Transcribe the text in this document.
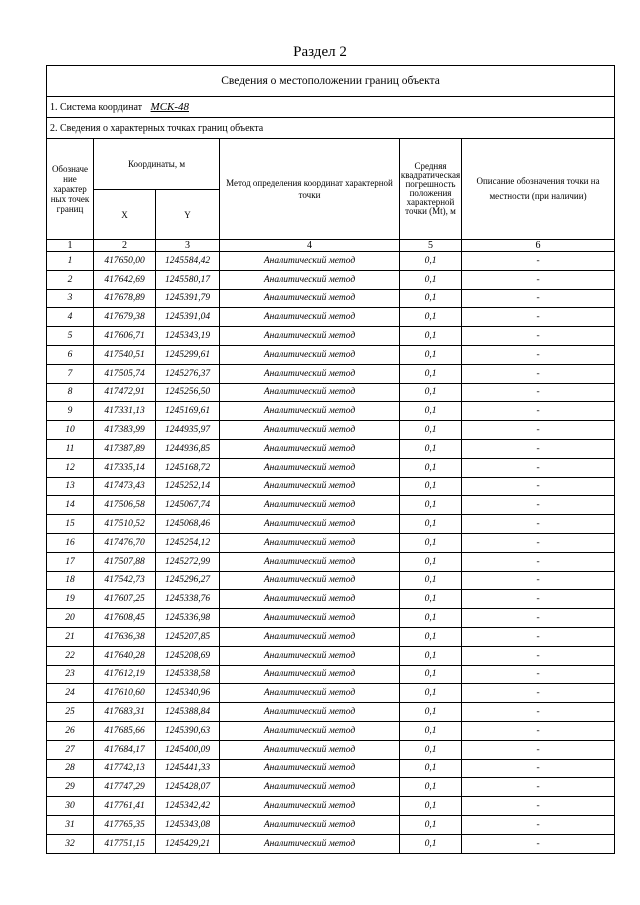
Раздел 2
Сведения о местоположении границ объекта					
1. Система координат МСК-48					
2. Сведения о характерных точках границ объекта					
Обозначе ние характер ных точек границ	Координаты, м		Метод определения координат характерной точки	Средняя квадратическая погрешность положения характерной точки (Mt), м	Описание обозначения точки на местности (при наличии)
	X	Y			
1	2	3	4	5	6
1	417650,00	1245584,42	Аналитический метод	0,1	-
2	417642,69	1245580,17	Аналитический метод	0,1	-
3	417678,89	1245391,79	Аналитический метод	0,1	-
4	417679,38	1245391,04	Аналитический метод	0,1	-
5	417606,71	1245343,19	Аналитический метод	0,1	-
6	417540,51	1245299,61	Аналитический метод	0,1	-
7	417505,74	1245276,37	Аналитический метод	0,1	-
8	417472,91	1245256,50	Аналитический метод	0,1	-
9	417331,13	1245169,61	Аналитический метод	0,1	-
10	417383,99	1244935,97	Аналитический метод	0,1	-
11	417387,89	1244936,85	Аналитический метод	0,1	-
12	417335,14	1245168,72	Аналитический метод	0,1	-
13	417473,43	1245252,14	Аналитический метод	0,1	-
14	417506,58	1245067,74	Аналитический метод	0,1	-
15	417510,52	1245068,46	Аналитический метод	0,1	-
16	417476,70	1245254,12	Аналитический метод	0,1	-
17	417507,88	1245272,99	Аналитический метод	0,1	-
18	417542,73	1245296,27	Аналитический метод	0,1	-
19	417607,25	1245338,76	Аналитический метод	0,1	-
20	417608,45	1245336,98	Аналитический метод	0,1	-
21	417636,38	1245207,85	Аналитический метод	0,1	-
22	417640,28	1245208,69	Аналитический метод	0,1	-
23	417612,19	1245338,58	Аналитический метод	0,1	-
24	417610,60	1245340,96	Аналитический метод	0,1	-
25	417683,31	1245388,84	Аналитический метод	0,1	-
26	417685,66	1245390,63	Аналитический метод	0,1	-
27	417684,17	1245400,09	Аналитический метод	0,1	-
28	417742,13	1245441,33	Аналитический метод	0,1	-
29	417747,29	1245428,07	Аналитический метод	0,1	-
30	417761,41	1245342,42	Аналитический метод	0,1	-
31	417765,35	1245343,08	Аналитический метод	0,1	-
32	417751,15	1245429,21	Аналитический метод	0,1	-
